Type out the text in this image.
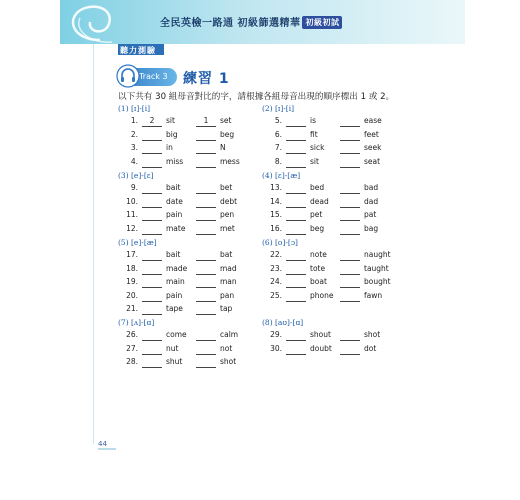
全民英檢一路通 初級篩選精華 初級初試
聽力測驗
Track 3	練習 1
以下共有 30 組母音對比的字，請根據各組母音出現的順序標出 1 或 2。
(1) [ɪ]-[i]
1.	2	sit	1	set
2.	big	beg
3.	in	N
4.	miss	mess
(2) [ɪ]-[i]
5.	is	ease
6.	fit	feet
7.	sick	seek
8.	sit	seat
(3) [e]-[ɛ]
9.	bait	bet
10.	date	debt
11.	pain	pen
12.	mate	met
(4) [ɛ]-[æ]
13.	bed	bad
14.	dead	dad
15.	pet	pat
16.	beg	bag
(5) [e]-[æ]
17.	bait	bat
18.	made	mad
19.	main	man
20.	pain	pan
21.	tape	tap
(6) [o]-[ɔ]
22.	note	naught
23.	tote	taught
24.	boat	bought
25.	phone	fawn
(7) [ʌ]-[ɑ]
26.	come	calm
27.	nut	not
28.	shut	shot
(8) [aʊ]-[ɑ]
29.	shout	shot
30.	doubt	dot
44
